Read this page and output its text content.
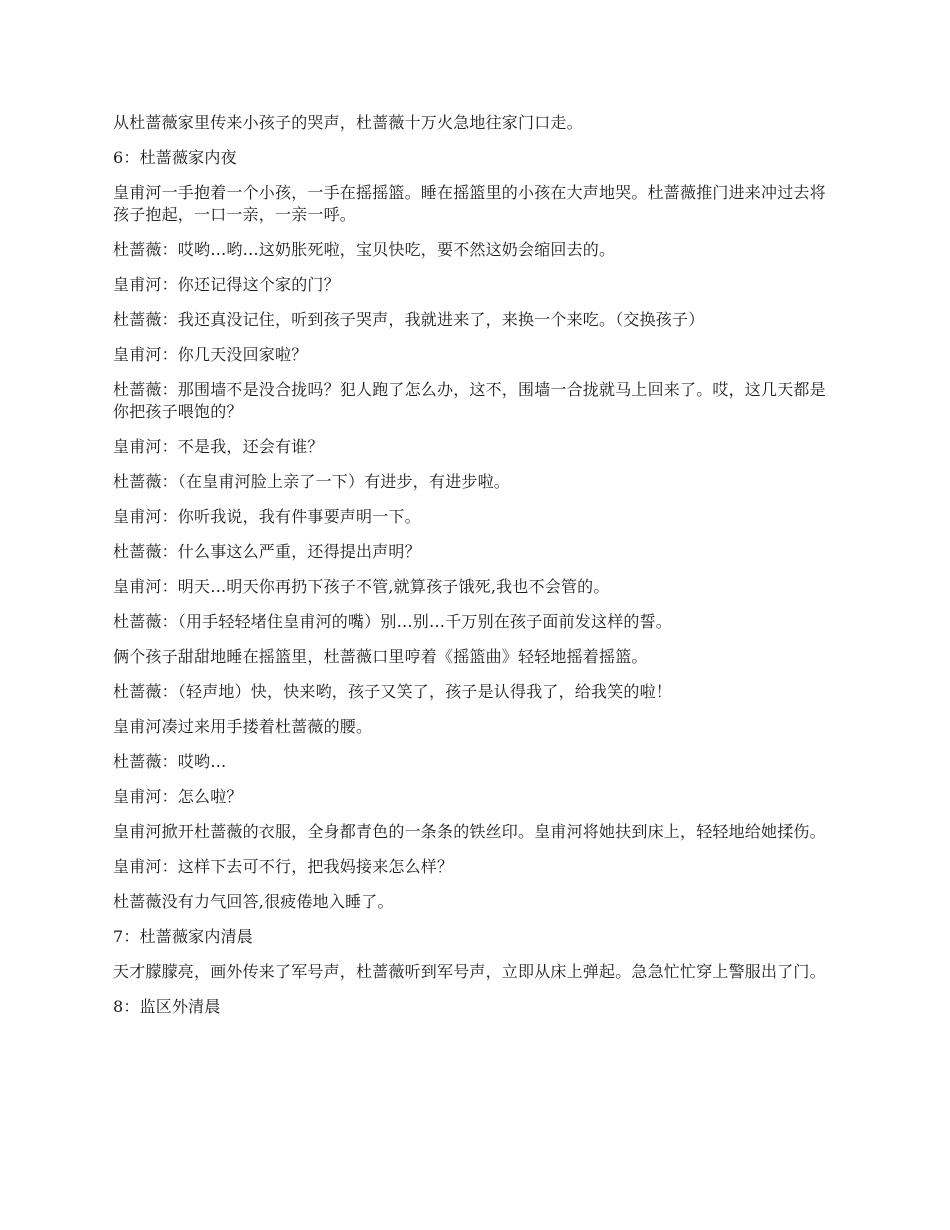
从杜蔷薇家里传来小孩子的哭声，杜蔷薇十万火急地往家门口走。

6：杜蔷薇家内夜

皇甫河一手抱着一个小孩，一手在摇摇篮。睡在摇篮里的小孩在大声地哭。杜蔷薇推门进来冲过去将孩子抱起，一口一亲，一亲一呼。

杜蔷薇：哎哟…哟…这奶胀死啦，宝贝快吃，要不然这奶会缩回去的。

皇甫河：你还记得这个家的门？

杜蔷薇：我还真没记住，听到孩子哭声，我就进来了，来换一个来吃。（交换孩子）

皇甫河：你几天没回家啦？

杜蔷薇：那围墙不是没合拢吗？犯人跑了怎么办，这不，围墙一合拢就马上回来了。哎，这几天都是你把孩子喂饱的？

皇甫河：不是我，还会有谁？

杜蔷薇：（在皇甫河脸上亲了一下）有进步，有进步啦。

皇甫河：你听我说，我有件事要声明一下。

杜蔷薇：什么事这么严重，还得提出声明？

皇甫河：明天…明天你再扔下孩子不管,就算孩子饿死,我也不会管的。

杜蔷薇：（用手轻轻堵住皇甫河的嘴）别…别…千万别在孩子面前发这样的誓。

俩个孩子甜甜地睡在摇篮里，杜蔷薇口里哼着《摇篮曲》轻轻地摇着摇篮。

杜蔷薇：（轻声地）快，快来哟，孩子又笑了，孩子是认得我了，给我笑的啦！

皇甫河凑过来用手搂着杜蔷薇的腰。

杜蔷薇：哎哟…

皇甫河：怎么啦？

皇甫河掀开杜蔷薇的衣服，全身都青色的一条条的铁丝印。皇甫河将她扶到床上，轻轻地给她揉伤。

皇甫河：这样下去可不行，把我妈接来怎么样？

杜蔷薇没有力气回答,很疲倦地入睡了。

7：杜蔷薇家内清晨

天才朦朦亮，画外传来了军号声，杜蔷薇听到军号声，立即从床上弹起。急急忙忙穿上警服出了门。

8：监区外清晨
